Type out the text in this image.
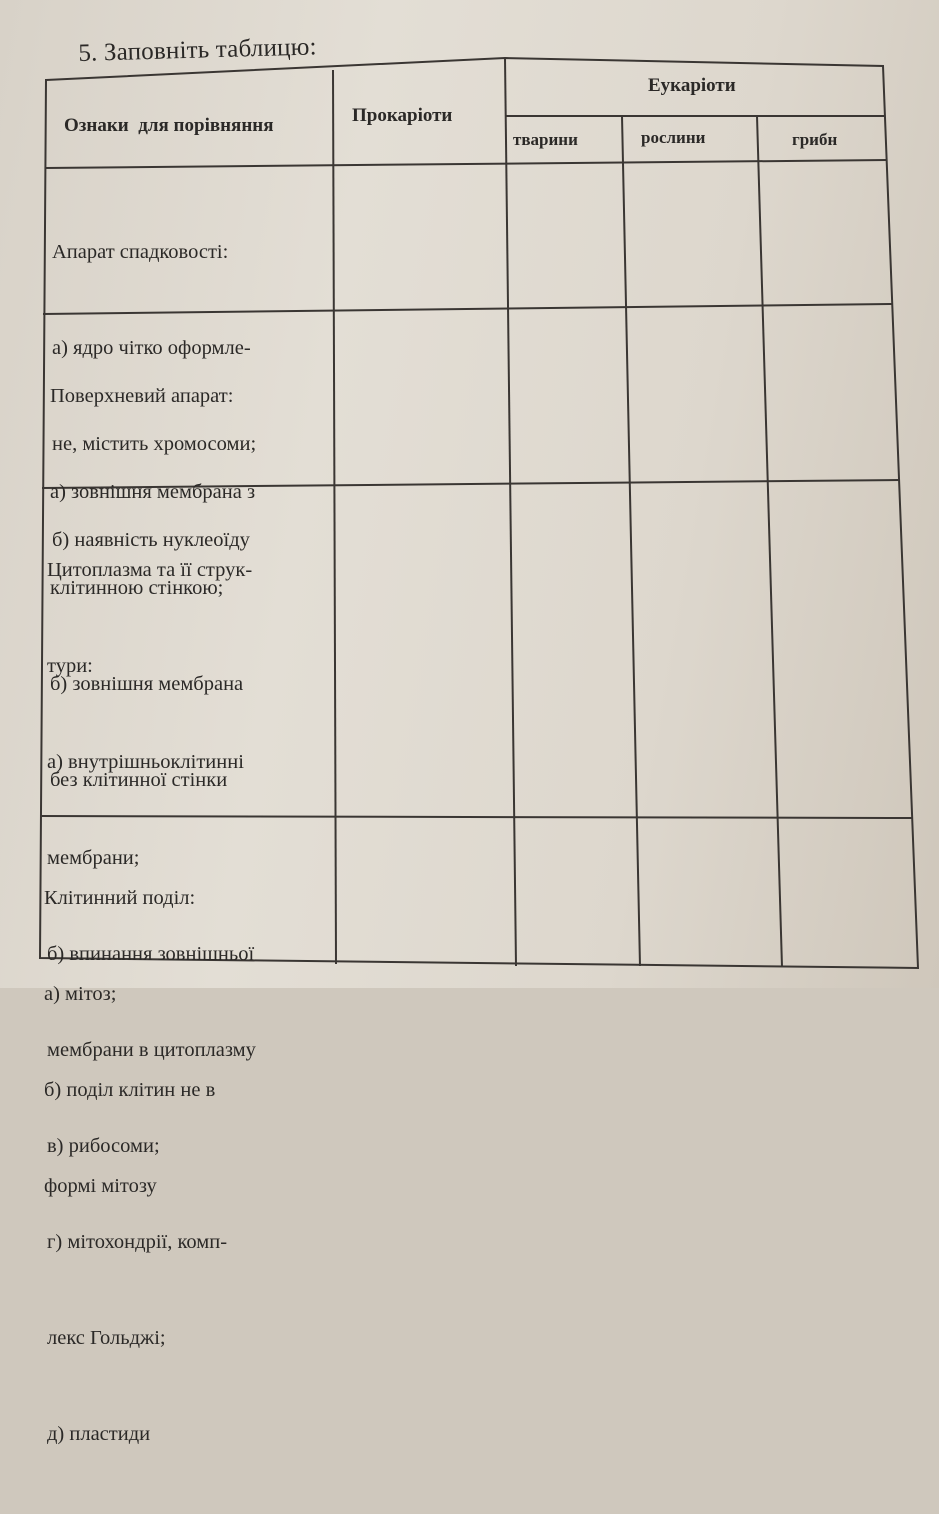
5. Заповніть таблицю:
Ознаки  для порівняння	Прокаріоти
Еукаріоти
тварини	рослини	грибн

Апарат спадковості:

а) ядро чітко оформле-

не, містить хромосоми;

б) наявність нуклеоїду

Поверхневий апарат:

а) зовнішня мембрана з

клітинною стінкою;

б) зовнішня мембрана

без клітинної стінки

Цитоплазма та її струк-

тури:

а) внутрішньоклітинні

мембрани;

б) впинання зовнішньої

мембрани в цитоплазму

в) рибосоми;

г) мітохондрії, комп-

лекс Гольджі;

д) пластиди

Клітинний поділ:

а) мітоз;

б) поділ клітин не в

формі мітозу
